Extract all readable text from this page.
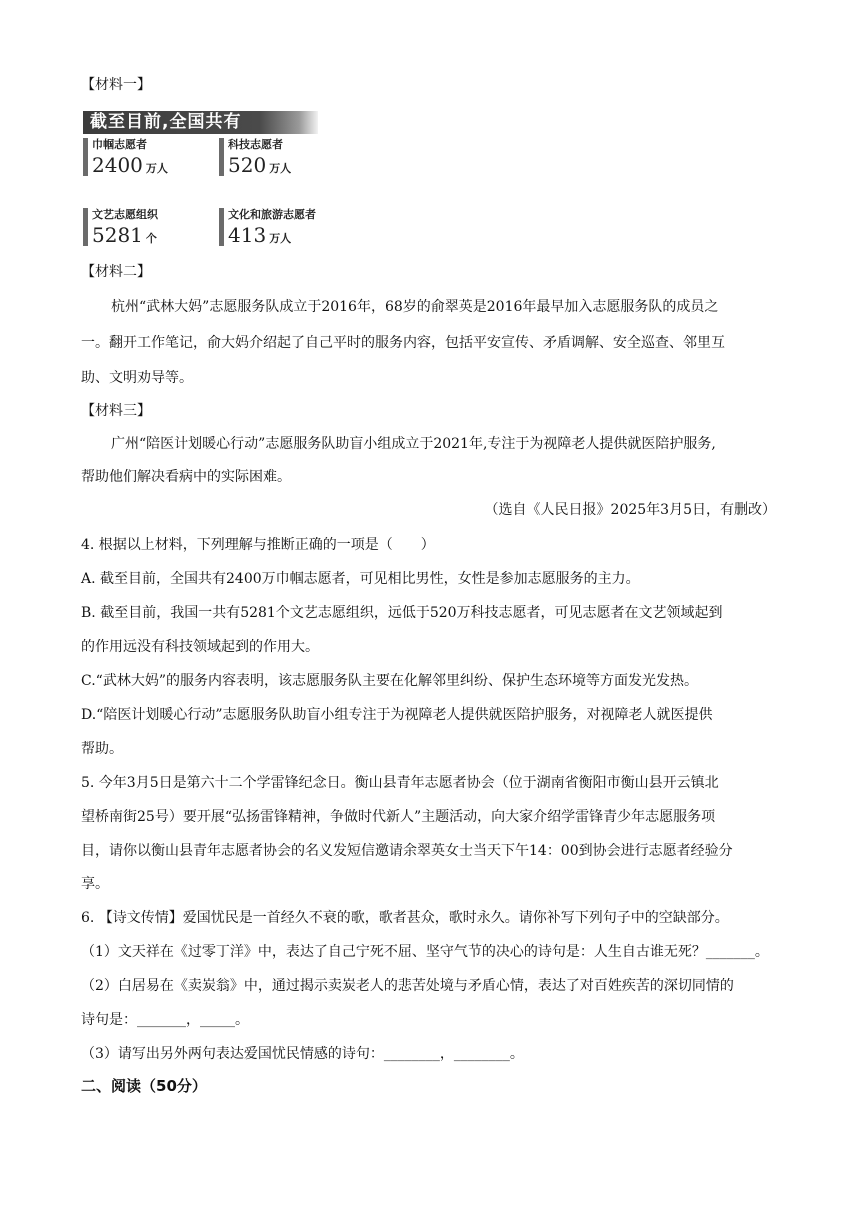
【材料一】
截至目前,全国共有
巾帼志愿者
2400 万人
科技志愿者
520 万人
文艺志愿组织
5281 个
文化和旅游志愿者
413 万人
【材料二】
杭州“武林大妈”志愿服务队成立于2016年，68岁的俞翠英是2016年最早加入志愿服务队的成员之
一。翻开工作笔记，俞大妈介绍起了自己平时的服务内容，包括平安宣传、矛盾调解、安全巡查、邻里互
助、文明劝导等。
【材料三】
广州“陪医计划暖心行动”志愿服务队助盲小组成立于2021年,专注于为视障老人提供就医陪护服务,
帮助他们解决看病中的实际困难。
（选自《人民日报》2025年3月5日，有删改）
4. 根据以上材料，下列理解与推断正确的一项是（　　）
A. 截至目前，全国共有2400万巾帼志愿者，可见相比男性，女性是参加志愿服务的主力。
B. 截至目前，我国一共有5281个文艺志愿组织，远低于520万科技志愿者，可见志愿者在文艺领域起到
的作用远没有科技领域起到的作用大。
C.“武林大妈”的服务内容表明，该志愿服务队主要在化解邻里纠纷、保护生态环境等方面发光发热。
D.“陪医计划暖心行动”志愿服务队助盲小组专注于为视障老人提供就医陪护服务，对视障老人就医提供
帮助。
5. 今年3月5日是第六十二个学雷锋纪念日。衡山县青年志愿者协会（位于湖南省衡阳市衡山县开云镇北
望桥南街25号）要开展“弘扬雷锋精神，争做时代新人”主题活动，向大家介绍学雷锋青少年志愿服务项
目，请你以衡山县青年志愿者协会的名义发短信邀请余翠英女士当天下午14：00到协会进行志愿者经验分
享。
6. 【诗文传情】爱国忧民是一首经久不衰的歌，歌者甚众，歌时永久。请你补写下列句子中的空缺部分。
（1）文天祥在《过零丁洋》中，表达了自己宁死不屈、坚守气节的决心的诗句是：人生自古谁无死？_______。
（2）白居易在《卖炭翁》中，通过揭示卖炭老人的悲苦处境与矛盾心情，表达了对百姓疾苦的深切同情的
诗句是：_______，_____。
（3）请写出另外两句表达爱国忧民情感的诗句：________，________。
二、阅读（50分）
